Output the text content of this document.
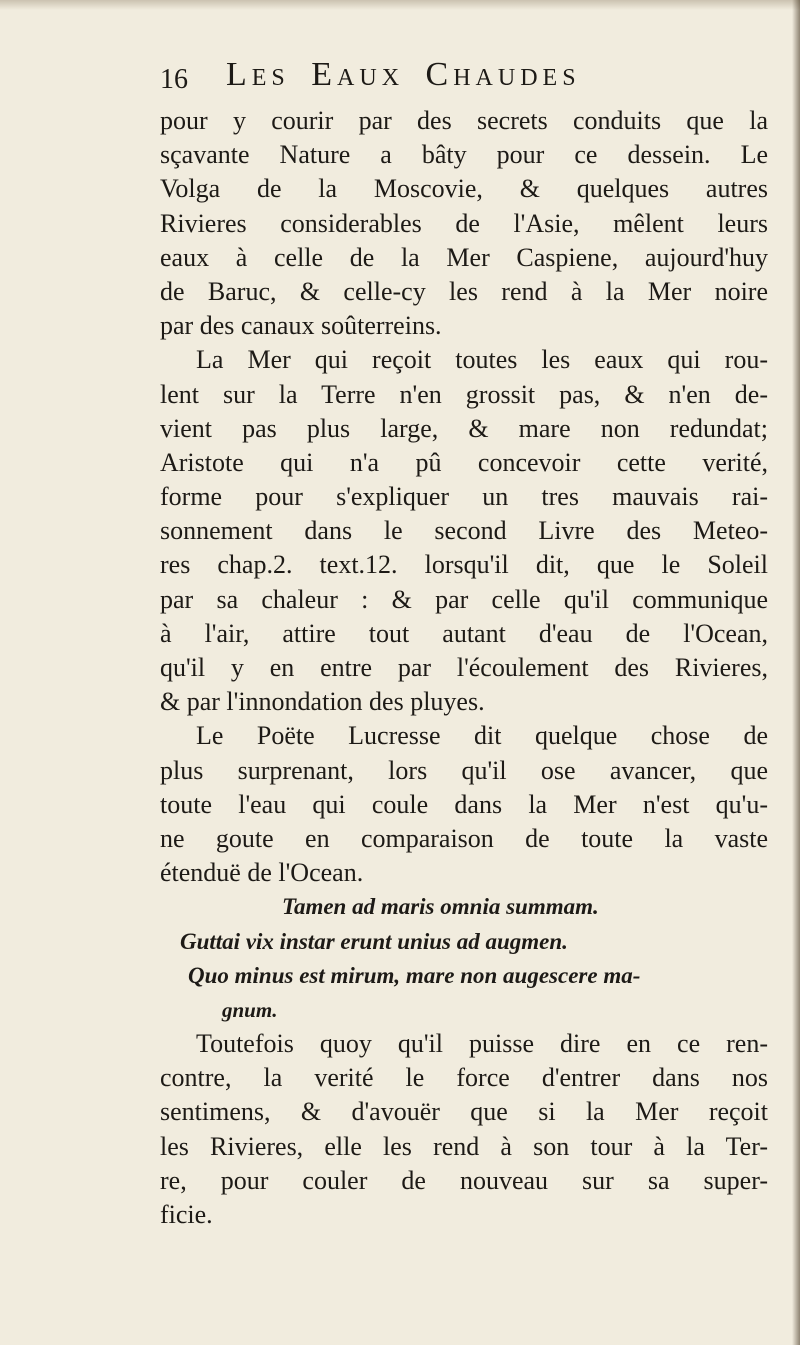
16 Les Eaux Chaudes
pour y courir par des secrets conduits que la
sçavante Nature a bâty pour ce dessein. Le
Volga de la Moscovie, & quelques autres
Rivieres considerables de l'Asie, mêlent leurs
eaux à celle de la Mer Caspiene, aujourd'huy
de Baruc, & celle-cy les rend à la Mer noire
par des canaux soûterreins.
La Mer qui reçoit toutes les eaux qui rou-
lent sur la Terre n'en grossit pas, & n'en de-
vient pas plus large, & mare non redundat;
Aristote qui n'a pû concevoir cette verité,
forme pour s'expliquer un tres mauvais rai-
sonnement dans le second Livre des Meteo-
res chap.2. text.12. lorsqu'il dit, que le Soleil
par sa chaleur : & par celle qu'il communique
à l'air, attire tout autant d'eau de l'Ocean,
qu'il y en entre par l'écoulement des Rivieres,
& par l'innondation des pluyes.
Le Poëte Lucresse dit quelque chose de
plus surprenant, lors qu'il ose avancer, que
toute l'eau qui coule dans la Mer n'est qu'u-
ne goute en comparaison de toute la vaste
étenduë de l'Ocean.
Tamen ad maris omnia summam.
Guttai vix instar erunt unius ad augmen.
Quo minus est mirum, mare non augescere ma-
gnum.
Toutefois quoy qu'il puisse dire en ce ren-
contre, la verité le force d'entrer dans nos
sentimens, & d'avouër que si la Mer reçoit
les Rivieres, elle les rend à son tour à la Ter-
re, pour couler de nouveau sur sa super-
ficie.
